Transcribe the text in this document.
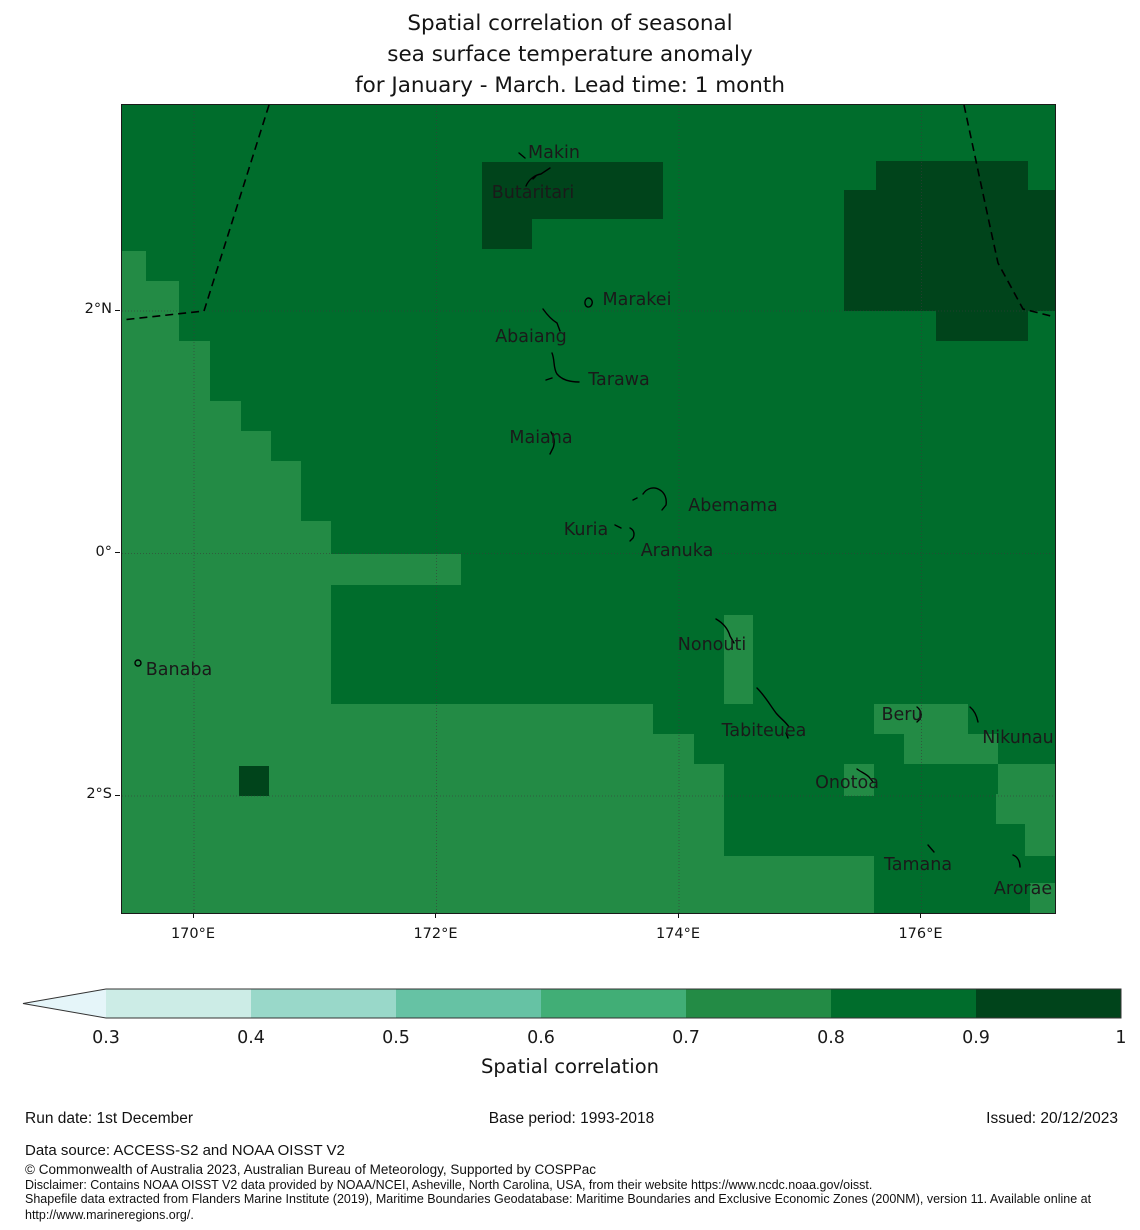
Spatial correlation of seasonal
sea surface temperature anomaly
for January - March. Lead time: 1 month
Makin
Butaritari
Marakei
Abaiang
Tarawa
Maiana
Abemama
Kuria
Aranuka
Nonouti
Banaba
Tabiteuea
Beru
Nikunau
Onotoa
Tamana
Arorae
170°E	172°E	174°E	176°E
2°N
0°
2°S
0.3	0.4	0.5	0.6	0.7	0.8	0.9	1
Spatial correlation
Run date: 1st December	Base period: 1993-2018	Issued: 20/12/2023
Data source: ACCESS-S2 and NOAA OISST V2
© Commonwealth of Australia 2023, Australian Bureau of Meteorology, Supported by COSPPac
Disclaimer: Contains NOAA OISST V2 data provided by NOAA/NCEI, Asheville, North Carolina, USA, from their website https://www.ncdc.noaa.gov/oisst.
Shapefile data extracted from Flanders Marine Institute (2019), Maritime Boundaries Geodatabase: Maritime Boundaries and Exclusive Economic Zones (200NM), version 11. Available online at http://www.marineregions.org/.
